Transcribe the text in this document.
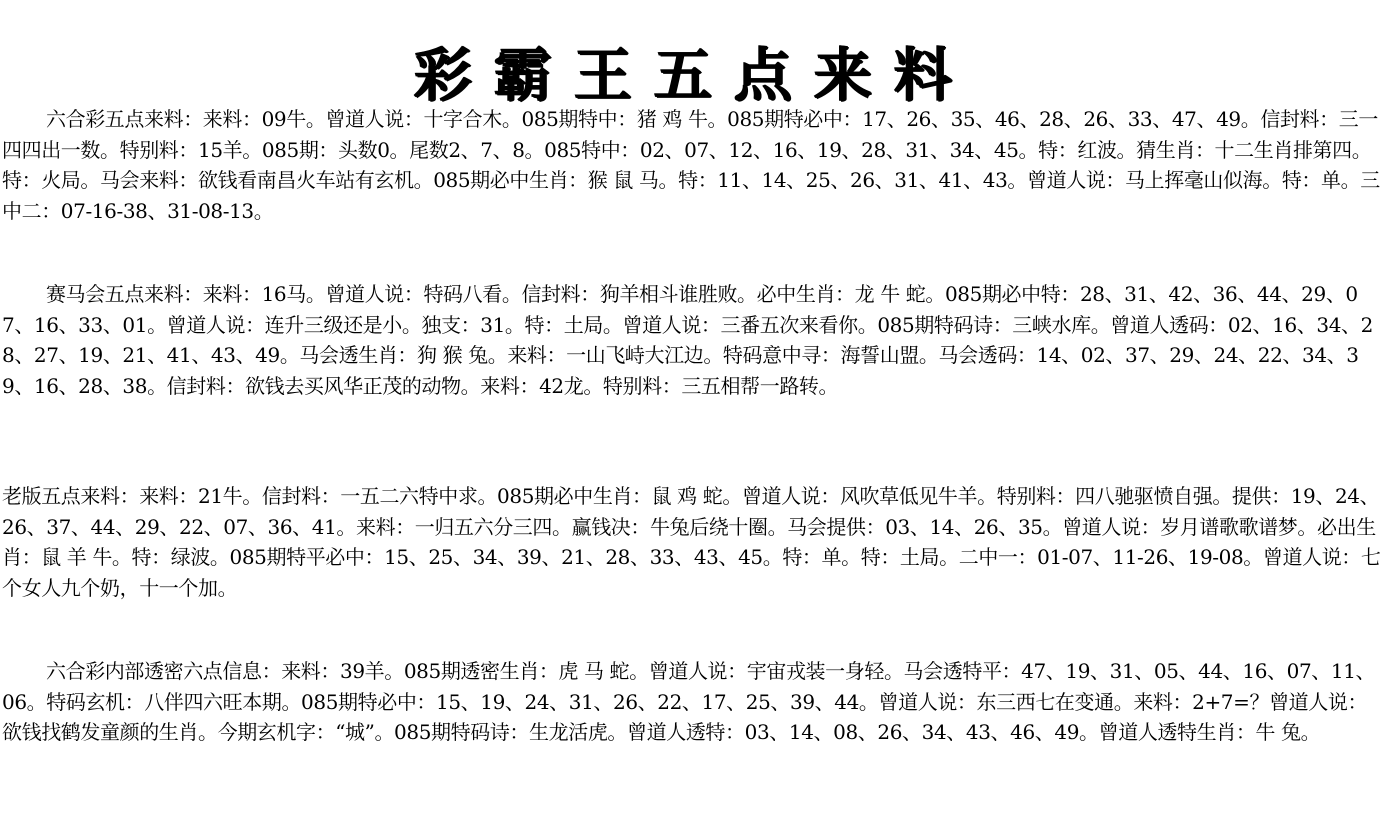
彩霸王五点来料

六合彩五点来料：来料：09牛。曾道人说：十字合木。085期特中：猪 鸡 牛。085期特必中：17、26、35、46、28、26、33、47、49。信封料：三一四四出一数。特别料：15羊。085期：头数0。尾数2、7、8。085特中：02、07、12、16、19、28、31、34、45。特：红波。猜生肖：十二生肖排第四。特：火局。马会来料：欲钱看南昌火车站有玄机。085期必中生肖：猴 鼠 马。特：11、14、25、26、31、41、43。曾道人说：马上挥毫山似海。特：单。三中二：07-16-38、31-08-13。

赛马会五点来料：来料：16马。曾道人说：特码八看。信封料：狗羊相斗谁胜败。必中生肖：龙 牛 蛇。085期必中特：28、31、42、36、44、29、07、16、33、01。曾道人说：连升三级还是小。独支：31。特：土局。曾道人说：三番五次来看你。085期特码诗：三峡水库。曾道人透码：02、16、34、28、27、19、21、41、43、49。马会透生肖：狗 猴 兔。来料：一山飞峙大江边。特码意中寻：海誓山盟。马会透码：14、02、37、29、24、22、34、39、16、28、38。信封料：欲钱去买风华正茂的动物。来料：42龙。特别料：三五相帮一路转。

老版五点来料：来料：21牛。信封料：一五二六特中求。085期必中生肖：鼠 鸡 蛇。曾道人说：风吹草低见牛羊。特别料：四八驰驱愤自强。提供：19、24、26、37、44、29、22、07、36、41。来料：一归五六分三四。赢钱决：牛兔后绕十圈。马会提供：03、14、26、35。曾道人说：岁月谱歌歌谱梦。必出生肖：鼠 羊 牛。特：绿波。085期特平必中：15、25、34、39、21、28、33、43、45。特：单。特：土局。二中一：01-07、11-26、19-08。曾道人说：七个女人九个奶，十一个加。

六合彩内部透密六点信息：来料：39羊。085期透密生肖：虎 马 蛇。曾道人说：宇宙戎装一身轻。马会透特平：47、19、31、05、44、16、07、11、06。特码玄机：八伴四六旺本期。085期特必中：15、19、24、31、26、22、17、25、39、44。曾道人说：东三西七在变通。来料：2+7=？曾道人说：欲钱找鹤发童颜的生肖。今期玄机字：“城”。085期特码诗：生龙活虎。曾道人透特：03、14、08、26、34、43、46、49。曾道人透特生肖：牛 兔。
